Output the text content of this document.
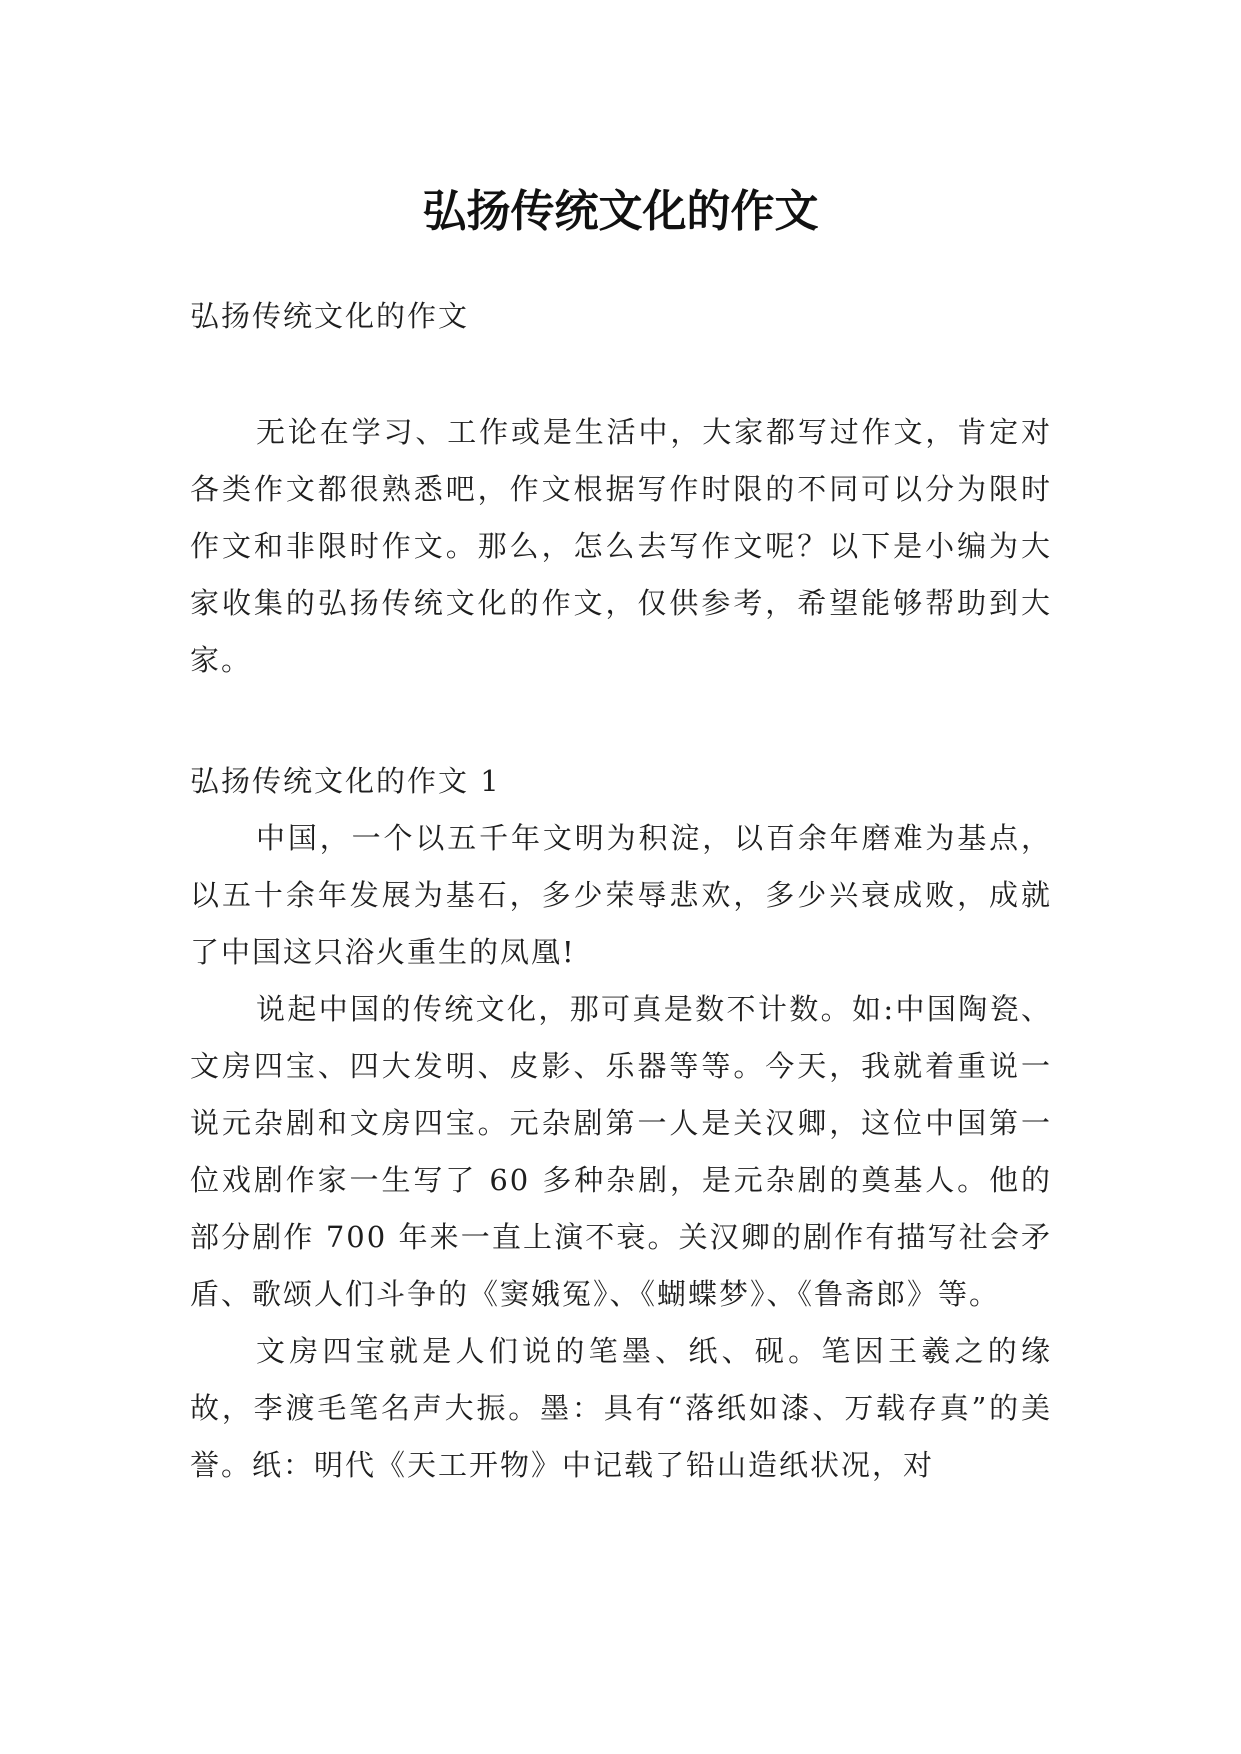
弘扬传统文化的作文

弘扬传统文化的作文

无论在学习、工作或是生活中，大家都写过作文，肯定对各类作文都很熟悉吧，作文根据写作时限的不同可以分为限时作文和非限时作文。那么，怎么去写作文呢？以下是小编为大家收集的弘扬传统文化的作文，仅供参考，希望能够帮助到大家。

弘扬传统文化的作文 1

中国，一个以五千年文明为积淀，以百余年磨难为基点，以五十余年发展为基石，多少荣辱悲欢，多少兴衰成败，成就了中国这只浴火重生的凤凰!

说起中国的传统文化，那可真是数不计数。如:中国陶瓷、文房四宝、四大发明、皮影、乐器等等。今天，我就着重说一说元杂剧和文房四宝。元杂剧第一人是关汉卿，这位中国第一位戏剧作家一生写了 60 多种杂剧，是元杂剧的奠基人。他的部分剧作 700 年来一直上演不衰。关汉卿的剧作有描写社会矛盾、歌颂人们斗争的《窦娥冤》、《蝴蝶梦》、《鲁斋郎》等。

文房四宝就是人们说的笔墨、纸、砚。笔因王羲之的缘故，李渡毛笔名声大振。墨：具有“落纸如漆、万载存真”的美誉。纸：明代《天工开物》中记载了铅山造纸状况，对
